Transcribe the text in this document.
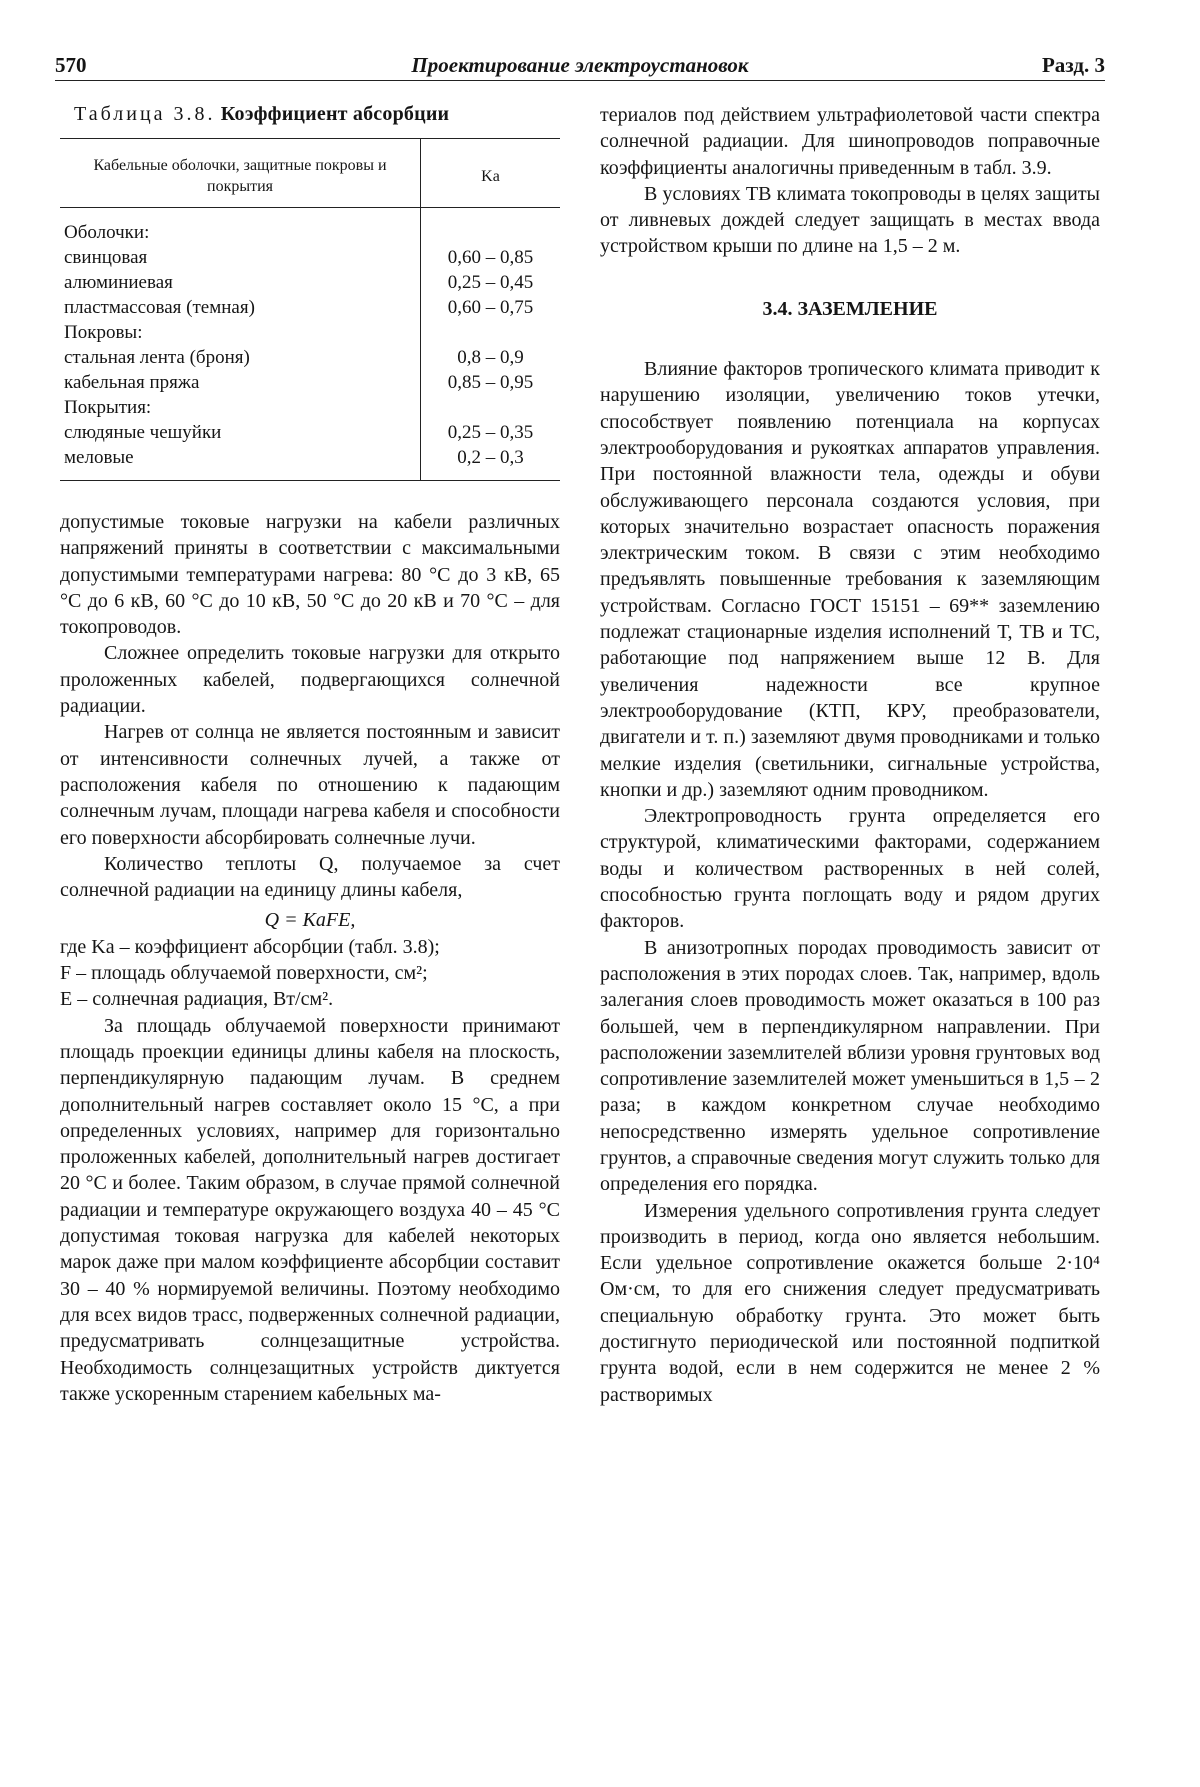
570	Проектирование электроустановок	Разд. 3
Таблица 3.8. Коэффициент абсорбции
Кабельные оболочки, защитные покровы и покрытия	Kа
Оболочки:	
свинцовая	0,60 – 0,85
алюминиевая	0,25 – 0,45
пластмассовая (темная)	0,60 – 0,75
Покровы:	
стальная лента (броня)	0,8 – 0,9
кабельная пряжа	0,85 – 0,95
Покрытия:	
слюдяные чешуйки	0,25 – 0,35
меловые	0,2 – 0,3

допустимые токовые нагрузки на кабели различных напряжений приняты в соответствии с максимальными допустимыми температурами нагрева: 80 °С до 3 кВ, 65 °С до 6 кВ, 60 °С до 10 кВ, 50 °С до 20 кВ и 70 °С – для токопроводов.

Сложнее определить токовые нагрузки для открыто проложенных кабелей, подвергающихся солнечной радиации.

Нагрев от солнца не является постоянным и зависит от интенсивности солнечных лучей, а также от расположения кабеля по отношению к падающим солнечным лучам, площади нагрева кабеля и способности его поверхности абсорбировать солнечные лучи.

Количество теплоты Q, получаемое за счет солнечной радиации на единицу длины кабеля,

Q = KаFE,

где Kа – коэффициент абсорбции (табл. 3.8);

F – площадь облучаемой поверхности, см²;

E – солнечная радиация, Вт/см².

За площадь облучаемой поверхности принимают площадь проекции единицы длины кабеля на плоскость, перпендикулярную падающим лучам. В среднем дополнительный нагрев составляет около 15 °С, а при определенных условиях, например для горизонтально проложенных кабелей, дополнительный нагрев достигает 20 °С и более. Таким образом, в случае прямой солнечной радиации и температуре окружающего воздуха 40 – 45 °С допустимая токовая нагрузка для кабелей некоторых марок даже при малом коэффициенте абсорбции составит 30 – 40 % нормируемой величины. Поэтому необходимо для всех видов трасс, подверженных солнечной радиации, предусматривать солнцезащитные устройства. Необходимость солнцезащитных устройств диктуется также ускоренным старением кабельных ма-

териалов под действием ультрафиолетовой части спектра солнечной радиации. Для шинопроводов поправочные коэффициенты аналогичны приведенным в табл. 3.9.

В условиях ТВ климата токопроводы в целях защиты от ливневых дождей следует защищать в местах ввода устройством крыши по длине на 1,5 – 2 м.

3.4. ЗАЗЕМЛЕНИЕ

Влияние факторов тропического климата приводит к нарушению изоляции, увеличению токов утечки, способствует появлению потенциала на корпусах электрооборудования и рукоятках аппаратов управления. При постоянной влажности тела, одежды и обуви обслуживающего персонала создаются условия, при которых значительно возрастает опасность поражения электрическим током. В связи с этим необходимо предъявлять повышенные требования к заземляющим устройствам. Согласно ГОСТ 15151 – 69** заземлению подлежат стационарные изделия исполнений Т, ТВ и ТС, работающие под напряжением выше 12 В. Для увеличения надежности все крупное электрооборудование (КТП, КРУ, преобразователи, двигатели и т. п.) заземляют двумя проводниками и только мелкие изделия (светильники, сигнальные устройства, кнопки и др.) заземляют одним проводником.

Электропроводность грунта определяется его структурой, климатическими факторами, содержанием воды и количеством растворенных в ней солей, способностью грунта поглощать воду и рядом других факторов.

В анизотропных породах проводимость зависит от расположения в этих породах слоев. Так, например, вдоль залегания слоев проводимость может оказаться в 100 раз большей, чем в перпендикулярном направлении. При расположении заземлителей вблизи уровня грунтовых вод сопротивление заземлителей может уменьшиться в 1,5 – 2 раза; в каждом конкретном случае необходимо непосредственно измерять удельное сопротивление грунтов, а справочные сведения могут служить только для определения его порядка.

Измерения удельного сопротивления грунта следует производить в период, когда оно является небольшим. Если удельное сопротивление окажется больше 2·10⁴ Ом·см, то для его снижения следует предусматривать специальную обработку грунта. Это может быть достигнуто периодической или постоянной подпиткой грунта водой, если в нем содержится не менее 2 % растворимых
